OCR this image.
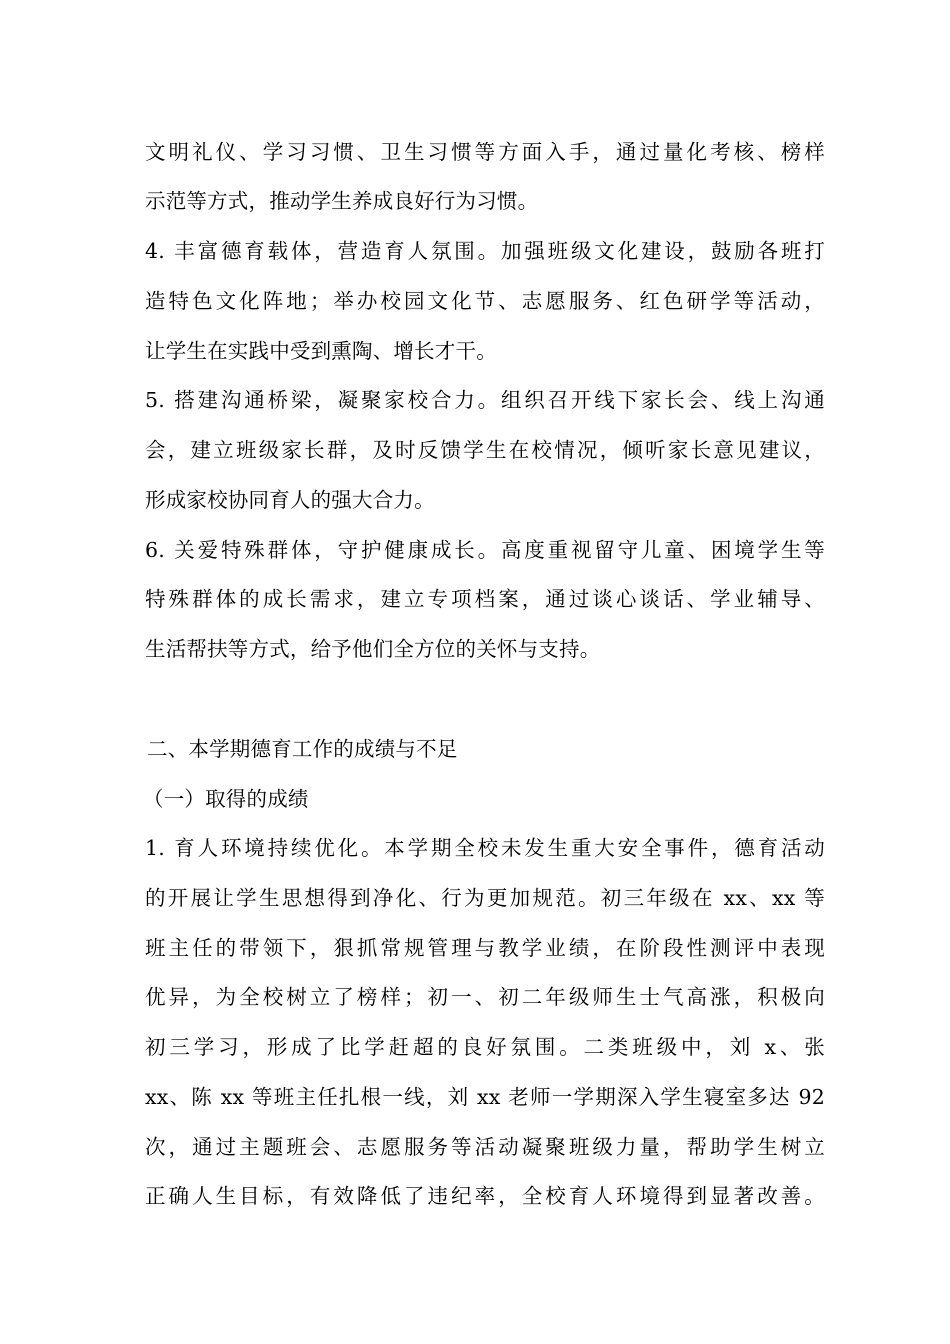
文明礼仪、学习习惯、卫生习惯等方面入手，通过量化考核、榜样
示范等方式，推动学生养成良好行为习惯。
4. 丰富德育载体，营造育人氛围。加强班级文化建设，鼓励各班打
造特色文化阵地；举办校园文化节、志愿服务、红色研学等活动，
让学生在实践中受到熏陶、增长才干。
5. 搭建沟通桥梁，凝聚家校合力。组织召开线下家长会、线上沟通
会，建立班级家长群，及时反馈学生在校情况，倾听家长意见建议，
形成家校协同育人的强大合力。
6. 关爱特殊群体，守护健康成长。高度重视留守儿童、困境学生等
特殊群体的成长需求，建立专项档案，通过谈心谈话、学业辅导、
生活帮扶等方式，给予他们全方位的关怀与支持。
二、本学期德育工作的成绩与不足
（一）取得的成绩
1. 育人环境持续优化。本学期全校未发生重大安全事件，德育活动
的开展让学生思想得到净化、行为更加规范。初三年级在 xx、xx 等
班主任的带领下，狠抓常规管理与教学业绩，在阶段性测评中表现
优异，为全校树立了榜样；初一、初二年级师生士气高涨，积极向
初三学习，形成了比学赶超的良好氛围。二类班级中，刘 x、张
xx、陈 xx 等班主任扎根一线，刘 xx 老师一学期深入学生寝室多达 92
次，通过主题班会、志愿服务等活动凝聚班级力量，帮助学生树立
正确人生目标，有效降低了违纪率，全校育人环境得到显著改善。
